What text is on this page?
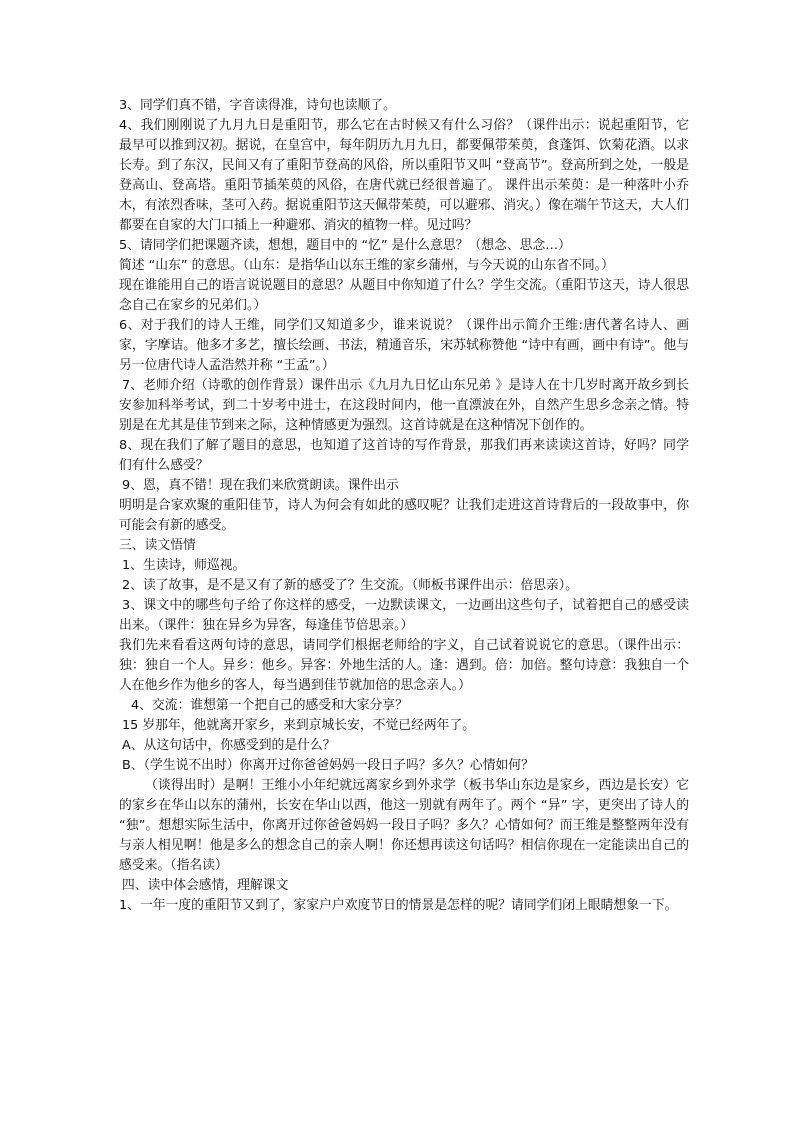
3、同学们真不错，字音读得准，诗句也读顺了。

4、我们刚刚说了九月九日是重阳节，那么它在古时候又有什么习俗？（课件出示：说起重阳节，它最早可以推到汉初。据说，在皇宫中，每年阴历九月九日，都要佩带茱萸，食蓬饵、饮菊花酒。以求长寿。到了东汉，民间又有了重阳节登高的风俗，所以重阳节又叫 “登高节”。登高所到之处，一般是登高山、登高塔。重阳节插茱萸的风俗，在唐代就已经很普遍了。 课件出示茱萸：是一种落叶小乔木，有浓烈香味，茎可入药。据说重阳节这天佩带茱萸，可以避邪、消灾。）像在端午节这天，大人们都要在自家的大门口插上一种避邪、消灾的植物一样。见过吗？

5、请同学们把课题齐读，想想，题目中的 “忆” 是什么意思？（想念、思念…）

简述 “山东” 的意思。（山东：是指华山以东王维的家乡蒲州，与今天说的山东省不同。）

现在谁能用自己的语言说说题目的意思？从题目中你知道了什么？学生交流。（重阳节这天，诗人很思念自己在家乡的兄弟们。）

6、对于我们的诗人王维，同学们又知道多少，谁来说说？（课件出示简介王维:唐代著名诗人、画家，字摩诘。他多才多艺，擅长绘画、书法，精通音乐，宋苏轼称赞他 “诗中有画，画中有诗”。他与另一位唐代诗人孟浩然并称 “王孟”。）

7、老师介绍（诗歌的创作背景）课件出示《九月九日忆山东兄弟 》是诗人在十几岁时离开故乡到长安参加科举考试，到二十岁考中进士，在这段时间内，他一直漂波在外，自然产生思乡念亲之情。特别是在尤其是佳节到来之际，这种情感更为强烈。这首诗就是在这种情况下创作的。

8、现在我们了解了题目的意思，也知道了这首诗的写作背景，那我们再来读读这首诗，好吗？同学们有什么感受？

9、恩，真不错！现在我们来欣赏朗读。课件出示

明明是合家欢聚的重阳佳节，诗人为何会有如此的感叹呢？让我们走进这首诗背后的一段故事中，你可能会有新的感受。

三、读文悟情

1、生读诗，师巡视。

2、读了故事，是不是又有了新的感受了？生交流。（师板书课件出示：倍思亲）。

3、课文中的哪些句子给了你这样的感受，一边默读课文，一边画出这些句子，试着把自己的感受读出来。（课件：独在异乡为异客，每逢佳节倍思亲。）

我们先来看看这两句诗的意思，请同学们根据老师给的字义，自己试着说说它的意思。（课件出示：独：独自一个人。异乡：他乡。异客：外地生活的人。逢：遇到。倍：加倍。整句诗意：我独自一个人在他乡作为他乡的客人，每当遇到佳节就加倍的思念亲人。）

4、交流：谁想第一个把自己的感受和大家分享？

15 岁那年，他就离开家乡，来到京城长安，不觉已经两年了。

A、从这句话中，你感受到的是什么？

B、（学生说不出时）你离开过你爸爸妈妈一段日子吗？多久？心情如何？

（谈得出时）是啊！王维小小年纪就远离家乡到外求学（板书华山东边是家乡，西边是长安）它的家乡在华山以东的蒲州，长安在华山以西，他这一别就有两年了。两个 “异” 字，更突出了诗人的 “独”。想想实际生活中，你离开过你爸爸妈妈一段日子吗？多久？心情如何？而王维是整整两年没有与亲人相见啊！他是多么的想念自己的亲人啊！你还想再读这句话吗？相信你现在一定能读出自己的感受来。（指名读）

四、读中体会感情，理解课文

1、一年一度的重阳节又到了，家家户户欢度节日的情景是怎样的呢？请同学们闭上眼睛想象一下。
